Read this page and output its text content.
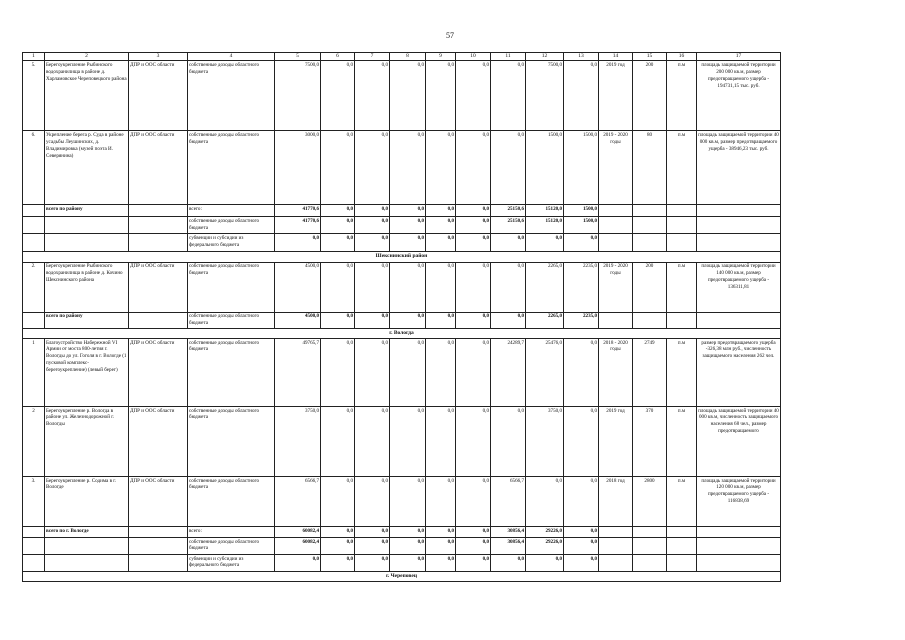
57
1	2	3	4	5	6	7	8	9	10	11	12	13	14	15	16	17
5.	Берегоукрепление Рыбинского водохранилища в районе д. Харламовское Череповецкого района	ДПР и ООС области	собственные доходы областного бюджета	7500,0	0,0	0,0	0,0	0,0	0,0	0,0	7500,0	0,0	2019 год	200	п.м	площадь защищаемой территории 200 000 кв.м, размер предотвращаемого ущерба - 194731,15 тыс. руб.
6.	Укрепление берега р. Суда в районе усадьбы Леушинских, д. Владимировка (музей поэта И. Северянина)	ДПР и ООС области	собственные доходы областного бюджета	3000,0	0,0	0,0	0,0	0,0	0,0	0,0	1500,0	1500,0	2019 - 2020 годы	80	п.м	площадь защищаемой территории 40 000 кв.м, размер предотвращаемого ущерба - 38946,23 тыс. руб.
	всего по району		всего:	41770,6	0,0	0,0	0,0	0,0	0,0	25150,6	15120,0	1500,0				
			собственные доходы областного бюджета	41770,6	0,0	0,0	0,0	0,0	0,0	25150,6	15120,0	1500,0				
			субвенции и субсидии из федерального бюджета	0,0	0,0	0,0	0,0	0,0	0,0	0,0	0,0	0,0				
Шекснинский район																
2.	Берегоукрепление Рыбинского водохранилища в районе д. Кочино Шекснинского района	ДПР и ООС области	собственные доходы областного бюджета	4500,0	0,0	0,0	0,0	0,0	0,0	0,0	2265,0	2235,0	2019 - 2020 годы	200	п.м	площадь защищаемой территории 140 000 кв.м, размер предотвращаемого ущерба - 136311,81
	всего по району		собственные доходы областного бюджета	4500,0	0,0	0,0	0,0	0,0	0,0	0,0	2265,0	2235,0				
г. Вологда																
1	Благоустройство Набережной VI Армии от моста 800-летия г. Вологды до ул. Гоголя в г. Вологде (1 пусковой комплекс- берегоукрепление) (левый берег)	ДПР и ООС области	собственные доходы областного бюджета	49765,7	0,0	0,0	0,0	0,0	0,0	24289,7	25476,0	0,0	2018 - 2020 годы	2749	п.м	размер предотвращаемого ущерба -326,38 млн руб., численность защищаемого населения 262 чел.
2	Берегоукрепление р. Вологда в районе ул. Железнодорожной г. Вологды	ДПР и ООС области	собственные доходы областного бюджета	3750,0	0,0	0,0	0,0	0,0	0,0	0,0	3750,0	0,0	2019 год	370	п.м	площадь защищаемой территории 40 000 кв.м, численность защищаемого населения 68 чел., размер предотвращаемого
3.	Берегоукрепление р. Содима в г. Вологде	ДПР и ООС области	собственные доходы областного бюджета	6566,7	0,0	0,0	0,0	0,0	0,0	6566,7	0,0	0,0	2018 год	2800	п.м	площадь защищаемой территории 120 000 кв.м, размер предотвращаемого ущерба - 116838,69
	всего по г. Вологде		всего:	60082,4	0,0	0,0	0,0	0,0	0,0	30856,4	29226,0	0,0				
			собственные доходы областного бюджета	60082,4	0,0	0,0	0,0	0,0	0,0	30856,4	29226,0	0,0				
			субвенции и субсидии из федерального бюджета	0,0	0,0	0,0	0,0	0,0	0,0	0,0	0,0	0,0				
г. Череповец																
